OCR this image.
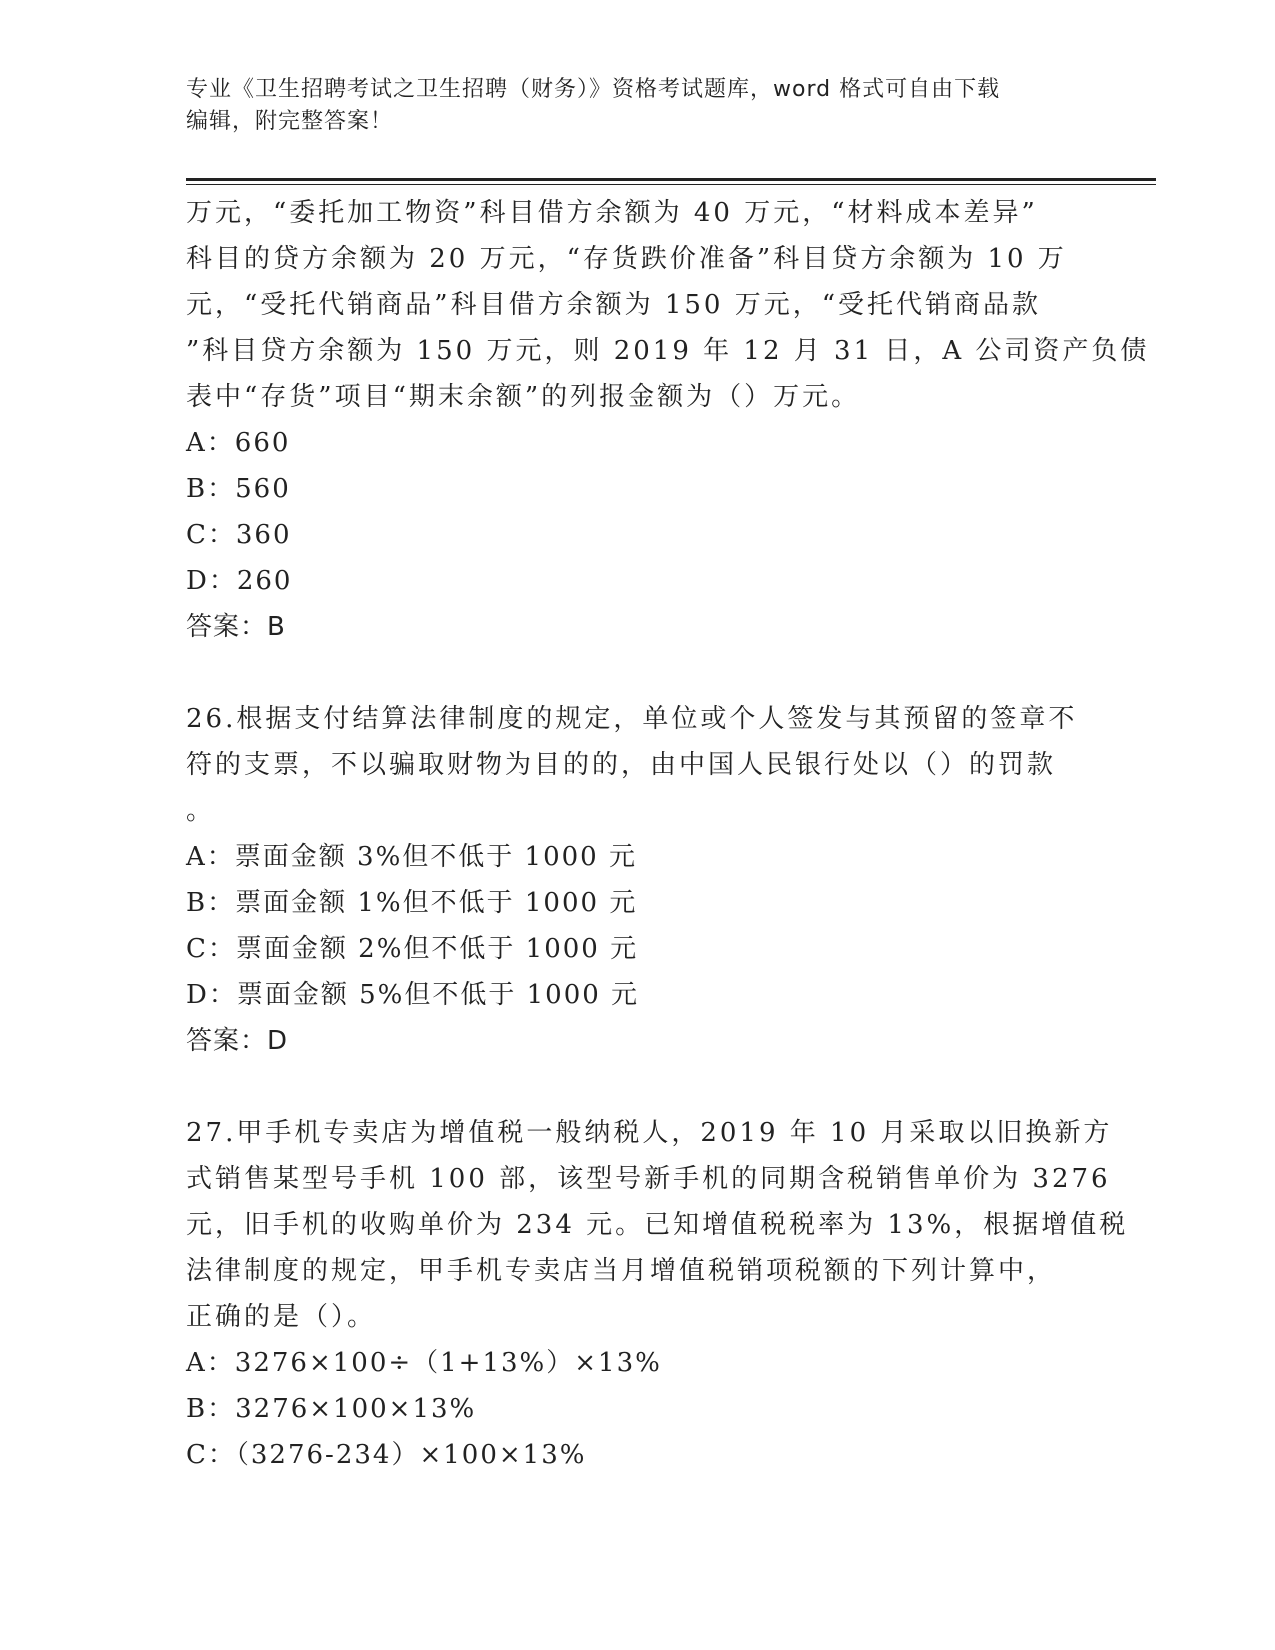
专业《卫生招聘考试之卫生招聘（财务）》资格考试题库，word 格式可自由下载
编辑，附完整答案！

万元，“委托加工物资”科目借方余额为 40 万元，“材料成本差异”

科目的贷方余额为 20 万元，“存货跌价准备”科目贷方余额为 10 万

元，“受托代销商品”科目借方余额为 150 万元，“受托代销商品款

”科目贷方余额为 150 万元，则 2019 年 12 月 31 日，A 公司资产负债

表中“存货”项目“期末余额”的列报金额为（）万元。

A：660

B：560

C：360

D：260

答案：B

26.根据支付结算法律制度的规定，单位或个人签发与其预留的签章不

符的支票，不以骗取财物为目的的，由中国人民银行处以（）的罚款

。

A：票面金额 3%但不低于 1000 元

B：票面金额 1%但不低于 1000 元

C：票面金额 2%但不低于 1000 元

D：票面金额 5%但不低于 1000 元

答案：D

27.甲手机专卖店为增值税一般纳税人，2019 年 10 月采取以旧换新方

式销售某型号手机 100 部，该型号新手机的同期含税销售单价为 3276

元，旧手机的收购单价为 234 元。已知增值税税率为 13%，根据增值税

法律制度的规定，甲手机专卖店当月增值税销项税额的下列计算中，

正确的是（）。

A：3276×100÷（1+13%）×13%

B：3276×100×13%

C：（3276-234）×100×13%
